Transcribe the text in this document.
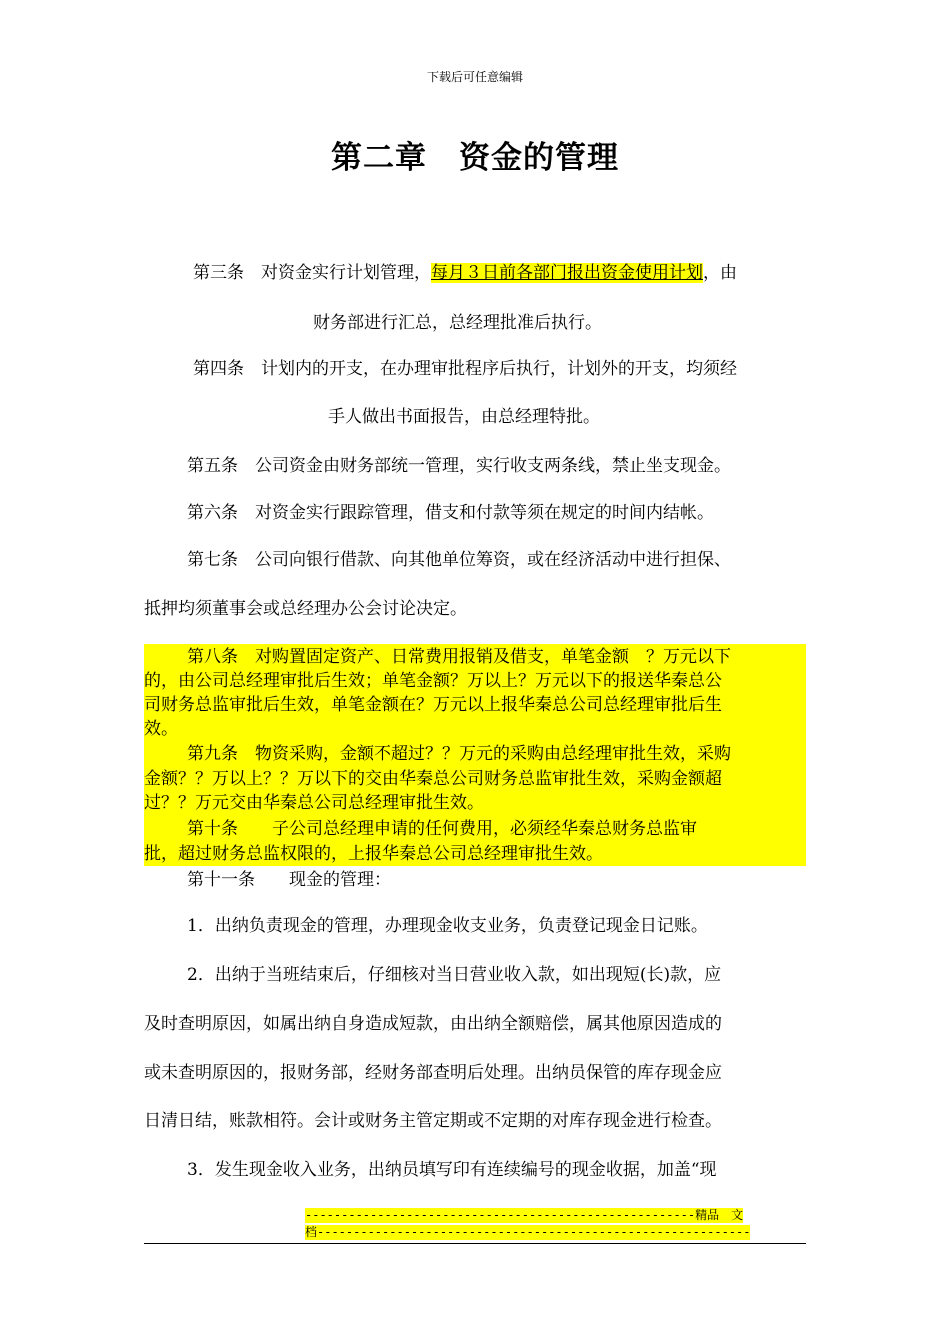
下载后可任意编辑
第二章　资金的管理
第三条　对资金实行计划管理，每月３日前各部门报出资金使用计划，由
财务部进行汇总，总经理批准后执行。
第四条　计划内的开支，在办理审批程序后执行，计划外的开支，均须经
手人做出书面报告，由总经理特批。
第五条　公司资金由财务部统一管理，实行收支两条线，禁止坐支现金。
第六条　对资金实行跟踪管理，借支和付款等须在规定的时间内结帐。
第七条　公司向银行借款、向其他单位筹资，或在经济活动中进行担保、
抵押均须董事会或总经理办公会讨论决定。
第八条　对购置固定资产、日常费用报销及借支，单笔金额　？万元以下
的，由公司总经理审批后生效；单笔金额？万以上？万元以下的报送华秦总公
司财务总监审批后生效，单笔金额在？万元以上报华秦总公司总经理审批后生
效。
第九条　物资采购，金额不超过？？万元的采购由总经理审批生效，采购
金额？？万以上？？万以下的交由华秦总公司财务总监审批生效，采购金额超
过？？万元交由华秦总公司总经理审批生效。
第十条　　子公司总经理申请的任何费用，必须经华秦总财务总监审
批，超过财务总监权限的，上报华秦总公司总经理审批生效。
第十一条　　现金的管理：
1．出纳负责现金的管理，办理现金收支业务，负责登记现金日记账。
2．出纳于当班结束后，仔细核对当日营业收入款，如出现短(长)款，应
及时查明原因，如属出纳自身造成短款，由出纳全额赔偿，属其他原因造成的
或未查明原因的，报财务部，经财务部查明后处理。出纳员保管的库存现金应
日清日结，账款相符。会计或财务主管定期或不定期的对库存现金进行检查。
3．发生现金收入业务，出纳员填写印有连续编号的现金收据，加盖“现
------------------------------------------------------精品　文
档------------------------------------------------------------
